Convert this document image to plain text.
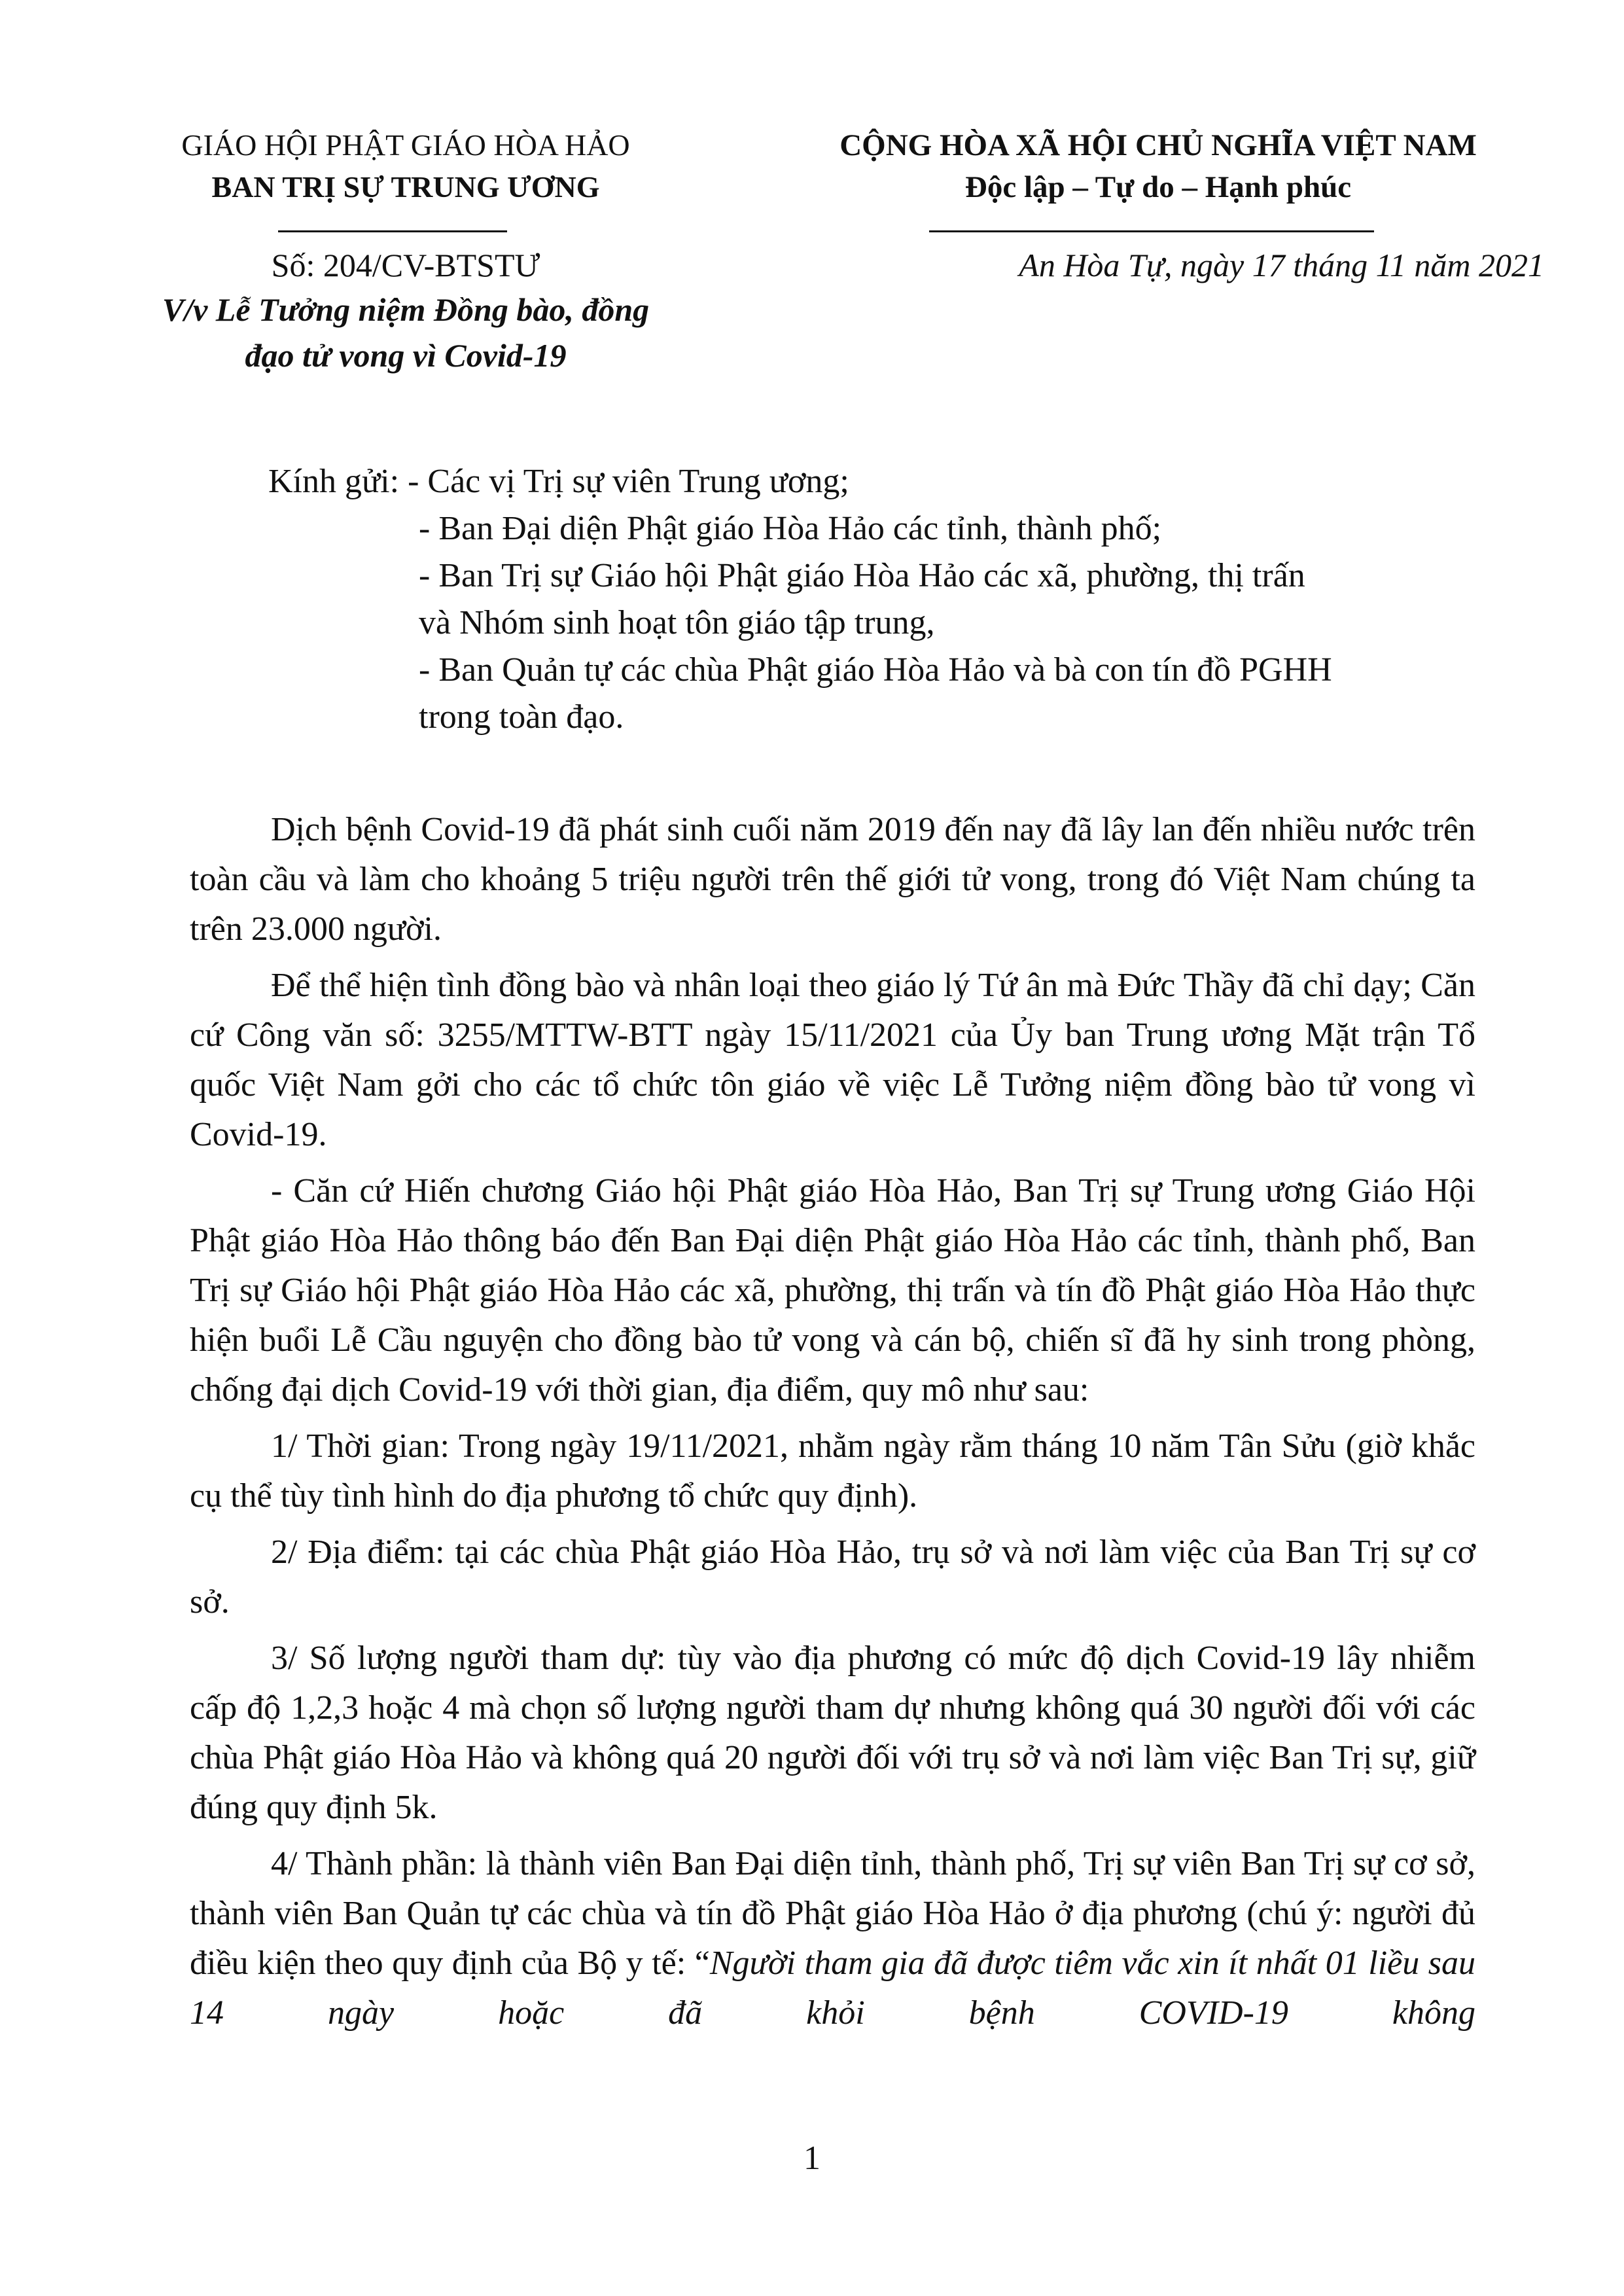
GIÁO HỘI PHẬT GIÁO HÒA HẢO
BAN TRỊ SỰ TRUNG ƯƠNG
CỘNG HÒA XÃ HỘI CHỦ NGHĨA VIỆT NAM
Độc lập – Tự do – Hạnh phúc
Số: 204/CV-BTSTƯ
V/v Lễ Tưởng niệm Đồng bào, đồng
đạo tử vong vì Covid-19
An Hòa Tự, ngày 17 tháng 11 năm 2021
Kính gửi: - Các vị Trị sự viên Trung ương;
- Ban Đại diện Phật giáo Hòa Hảo các tỉnh, thành phố;
- Ban Trị sự Giáo hội Phật giáo Hòa Hảo các xã, phường, thị trấn
và Nhóm sinh hoạt tôn giáo tập trung,
- Ban Quản tự các chùa Phật giáo Hòa Hảo và bà con tín đồ PGHH
trong toàn đạo.

Dịch bệnh Covid-19 đã phát sinh cuối năm 2019 đến nay đã lây lan đến nhiều nước trên toàn cầu và làm cho khoảng 5 triệu người trên thế giới tử vong, trong đó Việt Nam chúng ta trên 23.000 người.

Để thể hiện tình đồng bào và nhân loại theo giáo lý Tứ ân mà Đức Thầy đã chỉ dạy; Căn cứ Công văn số: 3255/MTTW-BTT ngày 15/11/2021 của Ủy ban Trung ương Mặt trận Tổ quốc Việt Nam gởi cho các tổ chức tôn giáo về việc Lễ Tưởng niệm đồng bào tử vong vì Covid-19.

- Căn cứ Hiến chương Giáo hội Phật giáo Hòa Hảo, Ban Trị sự Trung ương Giáo Hội Phật giáo Hòa Hảo thông báo đến Ban Đại diện Phật giáo Hòa Hảo các tỉnh, thành phố, Ban Trị sự Giáo hội Phật giáo Hòa Hảo các xã, phường, thị trấn và tín đồ Phật giáo Hòa Hảo thực hiện buổi Lễ Cầu nguyện cho đồng bào tử vong và cán bộ, chiến sĩ đã hy sinh trong phòng, chống đại dịch Covid-19 với thời gian, địa điểm, quy mô như sau:

1/ Thời gian: Trong ngày 19/11/2021, nhằm ngày rằm tháng 10 năm Tân Sửu (giờ khắc cụ thể tùy tình hình do địa phương tổ chức quy định).

2/ Địa điểm: tại các chùa Phật giáo Hòa Hảo, trụ sở và nơi làm việc của Ban Trị sự cơ sở.

3/ Số lượng người tham dự: tùy vào địa phương có mức độ dịch Covid-19 lây nhiễm cấp độ 1,2,3 hoặc 4 mà chọn số lượng người tham dự nhưng không quá 30 người đối với các chùa Phật giáo Hòa Hảo và không quá 20 người đối với trụ sở và nơi làm việc Ban Trị sự, giữ đúng quy định 5k.

4/ Thành phần: là thành viên Ban Đại diện tỉnh, thành phố, Trị sự viên Ban Trị sự cơ sở, thành viên Ban Quản tự các chùa và tín đồ Phật giáo Hòa Hảo ở địa phương (chú ý: người đủ điều kiện theo quy định của Bộ y tế: “Người tham gia đã được tiêm vắc xin ít nhất 01 liều sau 14 ngày hoặc đã khỏi bệnh COVID-19 không

1
